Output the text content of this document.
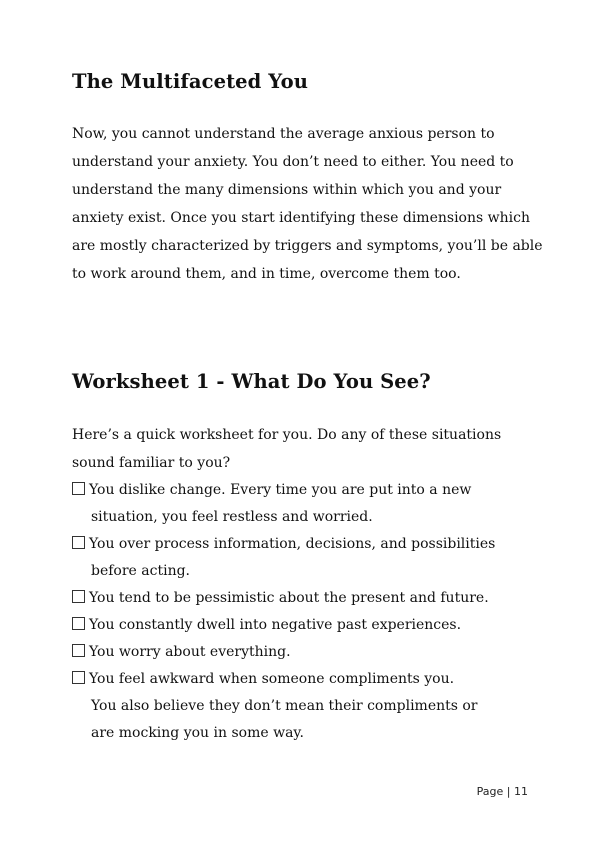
The Multifaceted You
Now, you cannot understand the average anxious person to
understand your anxiety. You don’t need to either. You need to
understand the many dimensions within which you and your
anxiety exist. Once you start identifying these dimensions which
are mostly characterized by triggers and symptoms, you’ll be able
to work around them, and in time, overcome them too.
Worksheet 1 - What Do You See?
Here’s a quick worksheet for you. Do any of these situations
sound familiar to you?
You dislike change. Every time you are put into a new
situation, you feel restless and worried.
You over process information, decisions, and possibilities
before acting.
You tend to be pessimistic about the present and future.
You constantly dwell into negative past experiences.
You worry about everything.
You feel awkward when someone compliments you.
You also believe they don’t mean their compliments or
are mocking you in some way.
Page | 11
